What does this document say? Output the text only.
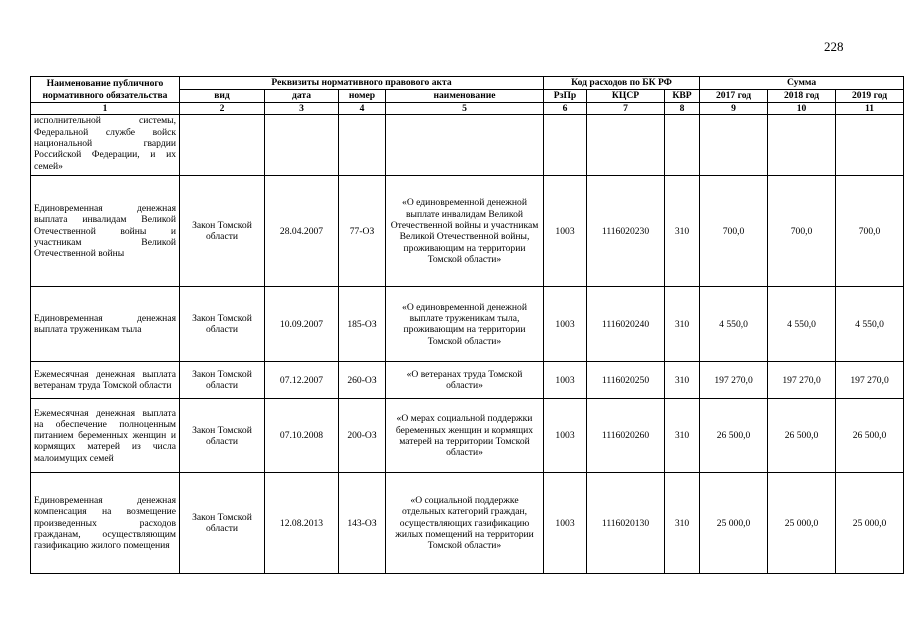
228
Наименование публичного нормативного обязательства	Реквизиты нормативного правового акта				Код расходов по БК РФ			Сумма		
	вид	дата	номер	наименование	РзПр	КЦСР	КВР	2017 год	2018 год	2019 год
1	2	3	4	5	6	7	8	9	10	11
исполнительной системы, Федеральной службе войск национальной гвардии Российской Федерации, и их семей»										
Единовременная денежная выплата инвалидам Великой Отечественной войны и участникам Великой Отечественной войны	Закон Томской области	28.04.2007	77-ОЗ	«О единовременной денежной выплате инвалидам Великой Отечественной войны и участникам Великой Отечественной войны, проживающим на территории Томской области»	1003	1116020230	310	700,0	700,0	700,0
Единовременная денежная выплата труженикам тыла	Закон Томской области	10.09.2007	185-ОЗ	«О единовременной денежной выплате труженикам тыла, проживающим на территории Томской области»	1003	1116020240	310	4 550,0	4 550,0	4 550,0
Ежемесячная денежная выплата ветеранам труда Томской области	Закон Томской области	07.12.2007	260-ОЗ	«О ветеранах труда Томской области»	1003	1116020250	310	197 270,0	197 270,0	197 270,0
Ежемесячная денежная выплата на обеспечение полноценным питанием беременных женщин и кормящих матерей из числа малоимущих семей	Закон Томской области	07.10.2008	200-ОЗ	«О мерах социальной поддержки беременных женщин и кормящих матерей на территории Томской области»	1003	1116020260	310	26 500,0	26 500,0	26 500,0
Единовременная денежная компенсация на возмещение произведенных расходов гражданам, осуществляющим газификацию жилого помещения	Закон Томской области	12.08.2013	143-ОЗ	«О социальной поддержке отдельных категорий граждан, осуществляющих газификацию жилых помещений на территории Томской области»	1003	1116020130	310	25 000,0	25 000,0	25 000,0
